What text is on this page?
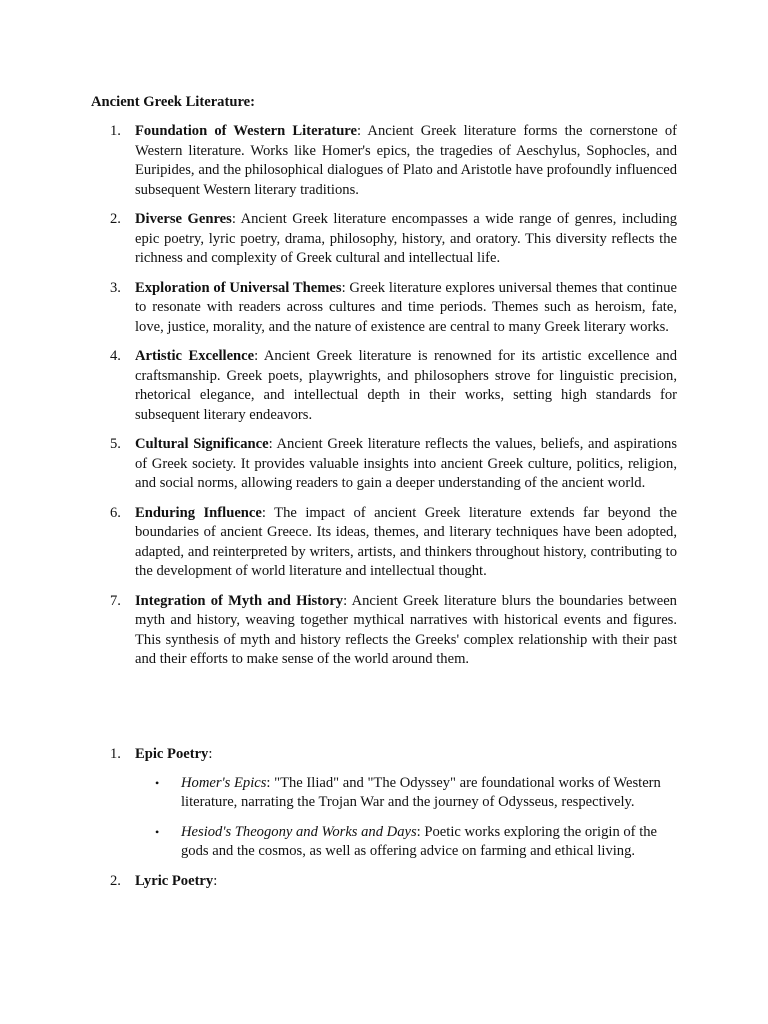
Ancient Greek Literature:

1. Foundation of Western Literature: Ancient Greek literature forms the cornerstone of Western literature. Works like Homer's epics, the tragedies of Aeschylus, Sophocles, and Euripides, and the philosophical dialogues of Plato and Aristotle have profoundly influenced subsequent Western literary traditions.
2. Diverse Genres: Ancient Greek literature encompasses a wide range of genres, including epic poetry, lyric poetry, drama, philosophy, history, and oratory. This diversity reflects the richness and complexity of Greek cultural and intellectual life.
3. Exploration of Universal Themes: Greek literature explores universal themes that continue to resonate with readers across cultures and time periods. Themes such as heroism, fate, love, justice, morality, and the nature of existence are central to many Greek literary works.
4. Artistic Excellence: Ancient Greek literature is renowned for its artistic excellence and craftsmanship. Greek poets, playwrights, and philosophers strove for linguistic precision, rhetorical elegance, and intellectual depth in their works, setting high standards for subsequent literary endeavors.
5. Cultural Significance: Ancient Greek literature reflects the values, beliefs, and aspirations of Greek society. It provides valuable insights into ancient Greek culture, politics, religion, and social norms, allowing readers to gain a deeper understanding of the ancient world.
6. Enduring Influence: The impact of ancient Greek literature extends far beyond the boundaries of ancient Greece. Its ideas, themes, and literary techniques have been adopted, adapted, and reinterpreted by writers, artists, and thinkers throughout history, contributing to the development of world literature and intellectual thought.
7. Integration of Myth and History: Ancient Greek literature blurs the boundaries between myth and history, weaving together mythical narratives with historical events and figures. This synthesis of myth and history reflects the Greeks' complex relationship with their past and their efforts to make sense of the world around them.
1. Epic Poetry:
• Homer's Epics: "The Iliad" and "The Odyssey" are foundational works of Western literature, narrating the Trojan War and the journey of Odysseus, respectively.
• Hesiod's Theogony and Works and Days: Poetic works exploring the origin of the gods and the cosmos, as well as offering advice on farming and ethical living.
2. Lyric Poetry:
